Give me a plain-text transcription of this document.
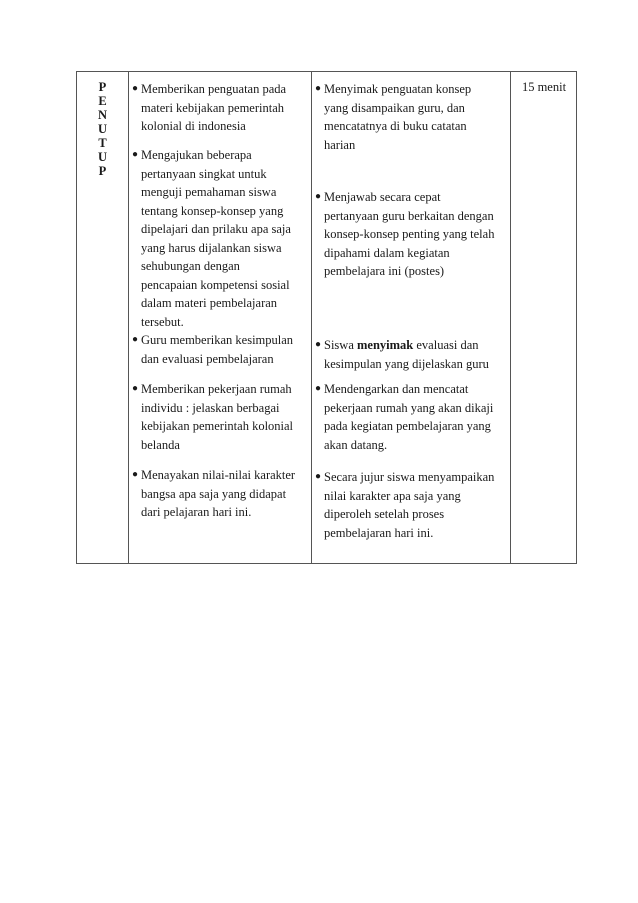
P
E
N
U
T
U
P
● Memberikan penguatan pada
materi kebijakan pemerintah
kolonial di indonesia
● Mengajukan beberapa
pertanyaan singkat untuk
menguji pemahaman siswa
tentang konsep-konsep yang
dipelajari dan prilaku apa saja
yang harus dijalankan siswa
sehubungan dengan
pencapaian kompetensi sosial
dalam materi pembelajaran
tersebut.
● Guru memberikan kesimpulan
dan evaluasi pembelajaran
● Memberikan pekerjaan rumah
individu : jelaskan berbagai
kebijakan pemerintah kolonial
belanda
● Menayakan nilai-nilai karakter
bangsa apa saja yang didapat
dari pelajaran hari ini.
● Menyimak penguatan konsep
yang disampaikan guru, dan
mencatatnya di buku catatan
harian
● Menjawab secara cepat
pertanyaan guru berkaitan dengan
konsep-konsep penting yang telah
dipahami dalam kegiatan
pembelajara ini (postes)
● Siswa menyimak evaluasi dan
kesimpulan yang dijelaskan guru
● Mendengarkan dan mencatat
pekerjaan rumah yang akan dikaji
pada kegiatan pembelajaran yang
akan datang.
● Secara jujur siswa menyampaikan
nilai karakter apa saja yang
diperoleh setelah proses
pembelajaran hari ini.
15 menit
